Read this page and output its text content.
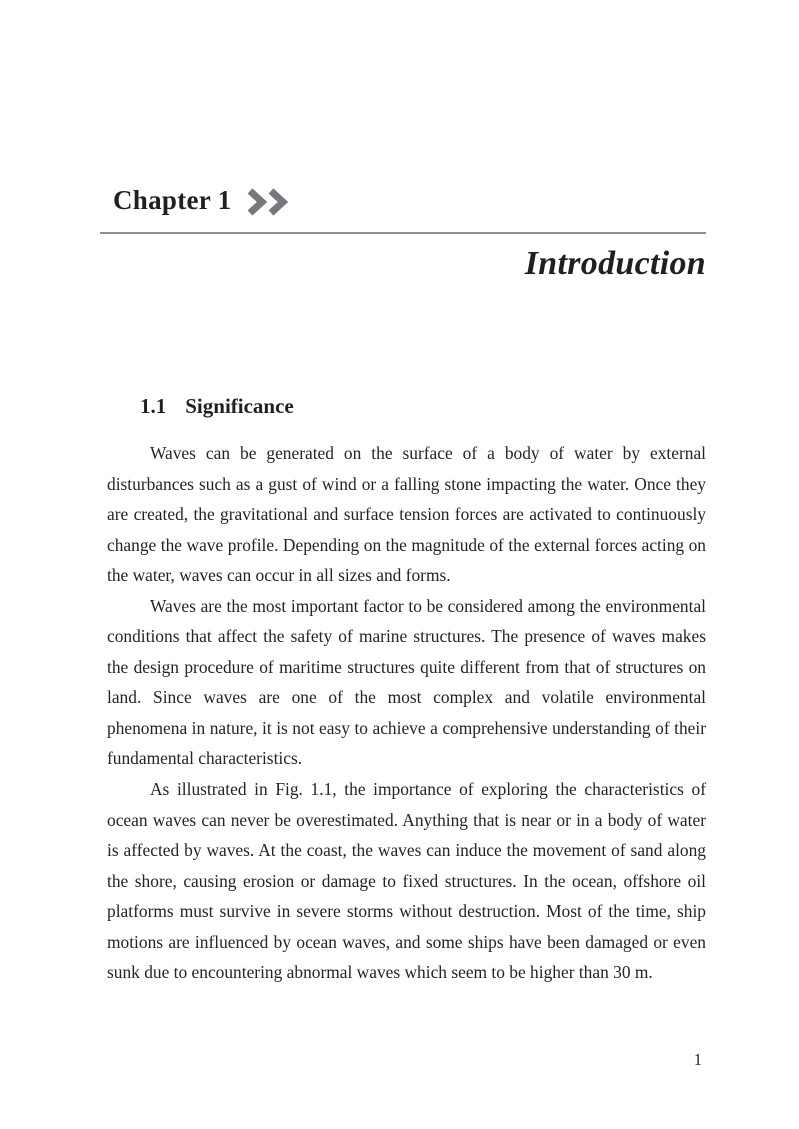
Chapter 1
Introduction
1.1 Significance

Waves can be generated on the surface of a body of water by external disturbances such as a gust of wind or a falling stone impacting the water. Once they are created, the gravitational and surface tension forces are activated to continuously change the wave profile. Depending on the magnitude of the external forces acting on the water, waves can occur in all sizes and forms.

Waves are the most important factor to be considered among the environmental conditions that affect the safety of marine structures. The presence of waves makes the design procedure of maritime structures quite different from that of structures on land. Since waves are one of the most complex and volatile environmental phenomena in nature, it is not easy to achieve a comprehensive understanding of their fundamental characteristics.

As illustrated in Fig. 1.1, the importance of exploring the characteristics of ocean waves can never be overestimated. Anything that is near or in a body of water is affected by waves. At the coast, the waves can induce the movement of sand along the shore, causing erosion or damage to fixed structures. In the ocean, offshore oil platforms must survive in severe storms without destruction. Most of the time, ship motions are influenced by ocean waves, and some ships have been damaged or even sunk due to encountering abnormal waves which seem to be higher than 30 m.

1
